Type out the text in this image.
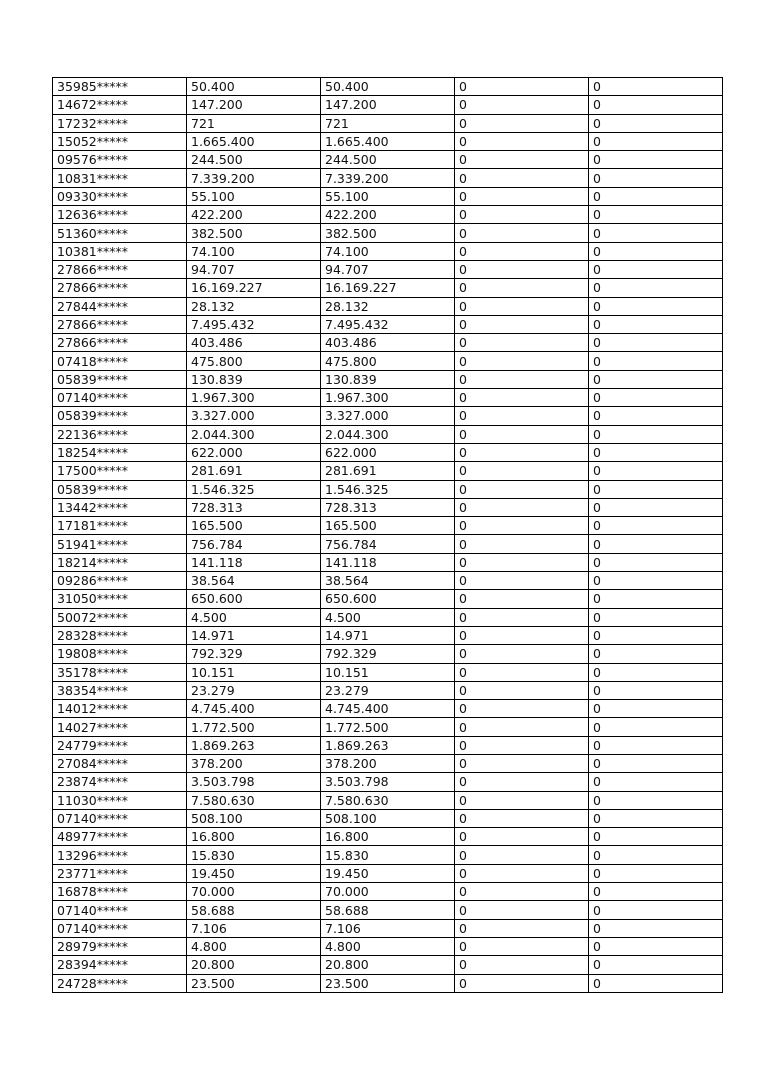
35985*****	50.400	50.400	0	0
14672*****	147.200	147.200	0	0
17232*****	721	721	0	0
15052*****	1.665.400	1.665.400	0	0
09576*****	244.500	244.500	0	0
10831*****	7.339.200	7.339.200	0	0
09330*****	55.100	55.100	0	0
12636*****	422.200	422.200	0	0
51360*****	382.500	382.500	0	0
10381*****	74.100	74.100	0	0
27866*****	94.707	94.707	0	0
27866*****	16.169.227	16.169.227	0	0
27844*****	28.132	28.132	0	0
27866*****	7.495.432	7.495.432	0	0
27866*****	403.486	403.486	0	0
07418*****	475.800	475.800	0	0
05839*****	130.839	130.839	0	0
07140*****	1.967.300	1.967.300	0	0
05839*****	3.327.000	3.327.000	0	0
22136*****	2.044.300	2.044.300	0	0
18254*****	622.000	622.000	0	0
17500*****	281.691	281.691	0	0
05839*****	1.546.325	1.546.325	0	0
13442*****	728.313	728.313	0	0
17181*****	165.500	165.500	0	0
51941*****	756.784	756.784	0	0
18214*****	141.118	141.118	0	0
09286*****	38.564	38.564	0	0
31050*****	650.600	650.600	0	0
50072*****	4.500	4.500	0	0
28328*****	14.971	14.971	0	0
19808*****	792.329	792.329	0	0
35178*****	10.151	10.151	0	0
38354*****	23.279	23.279	0	0
14012*****	4.745.400	4.745.400	0	0
14027*****	1.772.500	1.772.500	0	0
24779*****	1.869.263	1.869.263	0	0
27084*****	378.200	378.200	0	0
23874*****	3.503.798	3.503.798	0	0
11030*****	7.580.630	7.580.630	0	0
07140*****	508.100	508.100	0	0
48977*****	16.800	16.800	0	0
13296*****	15.830	15.830	0	0
23771*****	19.450	19.450	0	0
16878*****	70.000	70.000	0	0
07140*****	58.688	58.688	0	0
07140*****	7.106	7.106	0	0
28979*****	4.800	4.800	0	0
28394*****	20.800	20.800	0	0
24728*****	23.500	23.500	0	0
